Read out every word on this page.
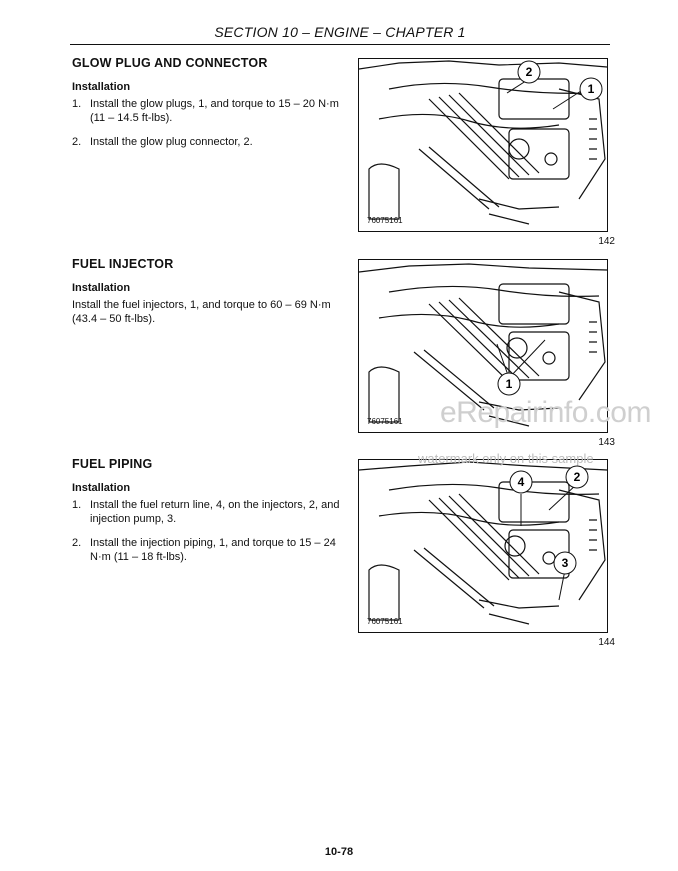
SECTION 10 – ENGINE – CHAPTER 1
GLOW PLUG AND CONNECTOR
Installation
1. Install the glow plugs, 1, and torque to 15 – 20 N·m (11 – 14.5 ft-lbs).
2. Install the glow plug connector, 2.
2
1
76075161
142
FUEL INJECTOR
Installation

Install the fuel injectors, 1, and torque to 60 – 69 N·m (43.4 – 50 ft-lbs).

1
76075161
143
FUEL PIPING
Installation
1. Install the fuel return line, 4, on the injectors, 2, and injection pump, 3.
2. Install the injection piping, 1, and torque to 15 – 24 N·m (11 – 18 ft-lbs).
4	2
3
76075161
144
eRepairinfo.com
watermark only on this sample
10-78
